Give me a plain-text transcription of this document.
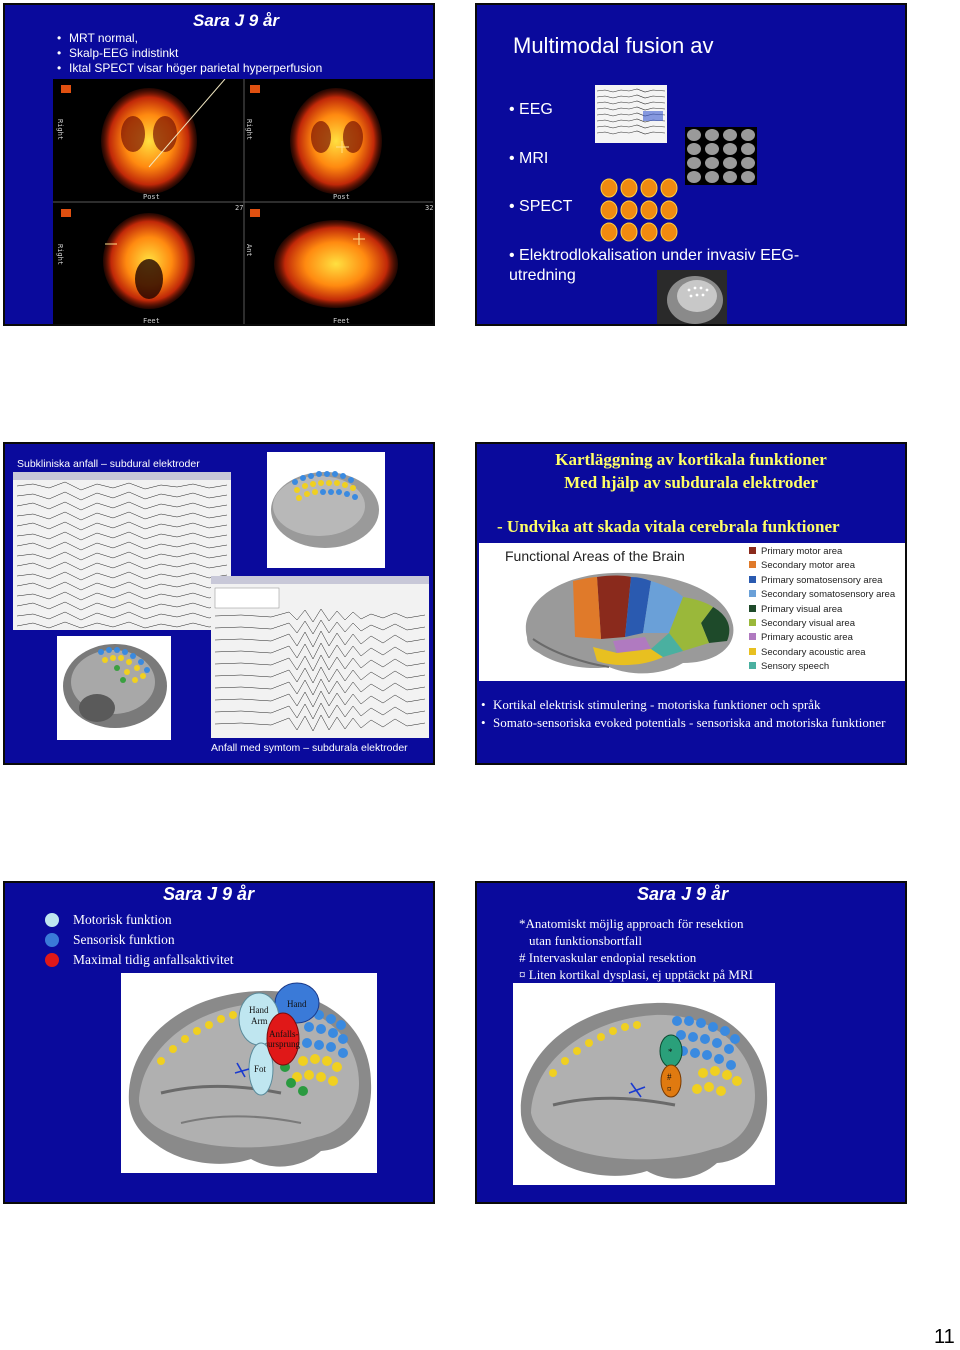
Sara J 9 år
• MRT normal,
• Skalp-EEG indistinkt
• Iktal SPECT visar höger parietal hyperperfusion
Right	Right
Right	Ant
Post	Post
Feet	Feet
27	32
Multimodal fusion av
• EEG
• MRI
• SPECT
• Elektrodlokalisation under invasiv EEG-utredning
Subkliniska anfall – subdural elektroder
Anfall med symtom – subdurala elektroder
Kartläggning av kortikala funktioner
Med hjälp av subdurala elektroder
- Undvika att skada vitala cerebrala funktioner
Functional Areas of the Brain	Primary motor area
Secondary motor area
Primary somatosensory area
Secondary somatosensory area
Primary visual area
Secondary visual area
Primary acoustic area
Secondary acoustic area
Sensory speech
• Kortikal elektrisk stimulering - motoriska funktioner och språk
• Somato-sensoriska evoked potentials - sensoriska and motoriska funktioner
Sara J 9 år
Motorisk funktion
Sensorisk funktion
Maximal tidig anfallsaktivitet
Hand
Arm
Hand
Anfalls-
ursprung
Fot
Sara J 9 år
*Anatomiskt möjlig approach för resektion
utan funktionsbortfall
# Intervaskular endopial resektion
¤ Liten kortikal dysplasi, ej upptäckt på MRI
*
#
¤
11
